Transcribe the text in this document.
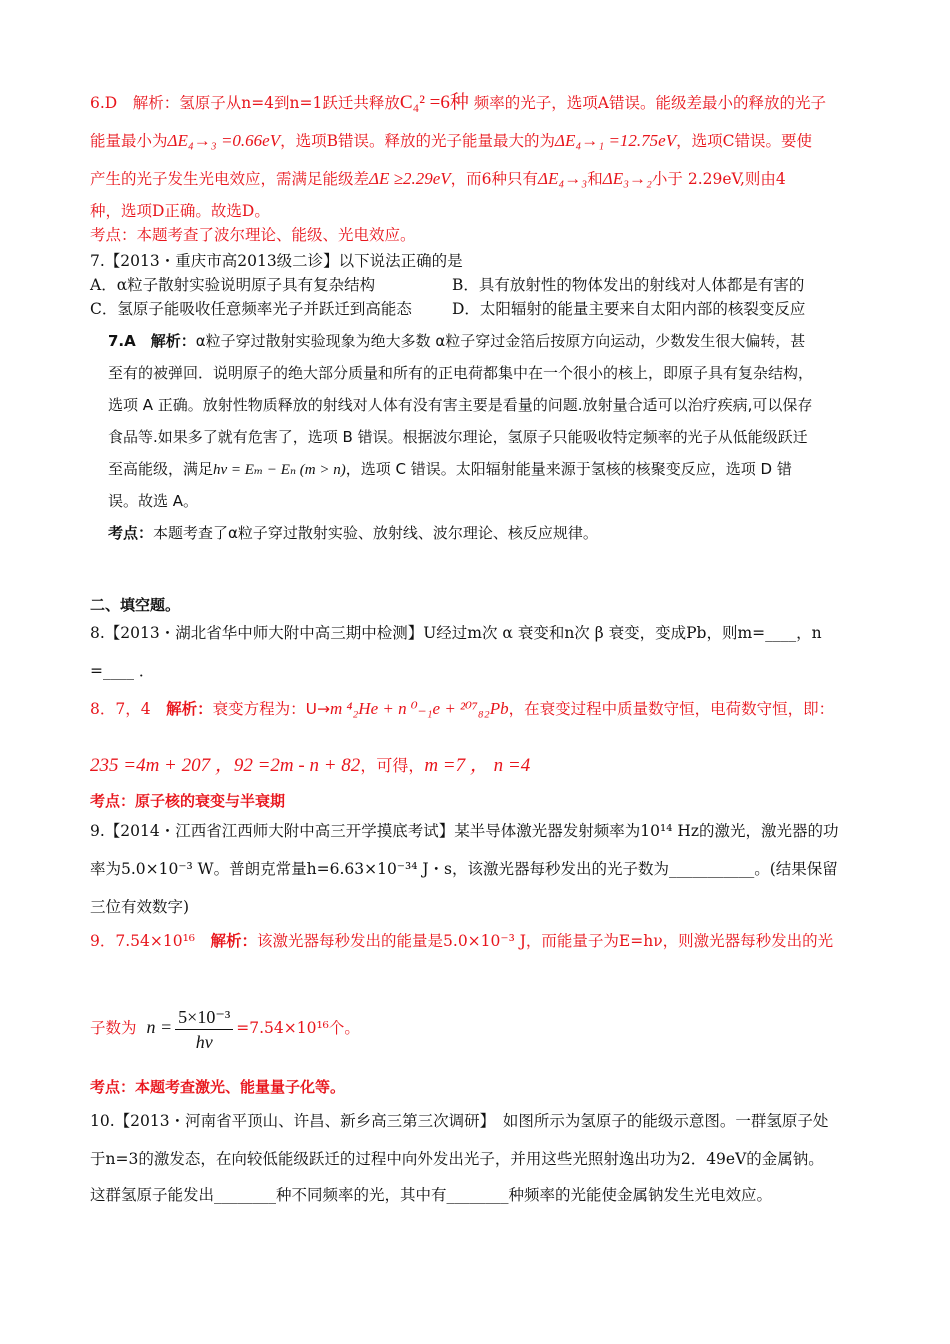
6.D　解析：氢原子从n=4到n=1跃迁共释放C₄² =6种 频率的光子，选项A错误。能级差最小的释放的光子
能量最小为ΔE₄→₃ =0.66eV，选项B错误。释放的光子能量最大的为ΔE₄→₁ =12.75eV，选项C错误。要使
产生的光子发生光电效应，需满足能级差ΔE ≥2.29eV，而6种只有ΔE₄→₃和ΔE₃→₂小于 2.29eV,则由4
种，选项D正确。故选D。
考点：本题考查了波尔理论、能级、光电效应。
7.【2013・重庆市高2013级二诊】以下说法正确的是
A．α粒子散射实验说明原子具有复杂结构	B．具有放射性的物体发出的射线对人体都是有害的
C．氢原子能吸收任意频率光子并跃迁到高能态	D．太阳辐射的能量主要来自太阳内部的核裂变反应
7.A　解析：α粒子穿过散射实验现象为绝大多数 α粒子穿过金箔后按原方向运动，少数发生很大偏转，甚
至有的被弹回．说明原子的绝大部分质量和所有的正电荷都集中在一个很小的核上，即原子具有复杂结构，
选项 A 正确。放射性物质释放的射线对人体有没有害主要是看量的问题.放射量合适可以治疗疾病,可以保存
食品等.如果多了就有危害了，选项 B 错误。根据波尔理论，氢原子只能吸收特定频率的光子从低能级跃迁
至高能级，满足hν = Eₘ − Eₙ (m > n)，选项 C 错误。太阳辐射能量来源于氢核的核聚变反应，选项 D 错
误。故选 A。
考点：本题考查了α粒子穿过散射实验、放射线、波尔理论、核反应规律。
二、填空题。
8.【2013・湖北省华中师大附中高三期中检测】U经过m次 α 衰变和n次 β 衰变，变成Pb，则m=____，n
=____ ．
8．7，4　解析：衰变方程为：U→m ⁴₂He + n ⁰₋₁e + ²⁰⁷₈₂Pb，在衰变过程中质量数守恒，电荷数守恒，即：
235 =4m + 207 ，92 =2m - n + 82，可得，m =7 ， n =4
考点：原子核的衰变与半衰期
9.【2014・江西省江西师大附中高三开学摸底考试】某半导体激光器发射频率为10¹⁴ Hz的激光，激光器的功
率为5.0×10⁻³ W。普朗克常量h=6.63×10⁻³⁴ J・s，该激光器每秒发出的光子数为___________。(结果保留
三位有效数字)
9．7.54×10¹⁶　解析：该激光器每秒发出的能量是5.0×10⁻³ J，而能量子为E=hν，则激光器每秒发出的光
子数为 $n = \frac{\text{5×10⁻³}}{h\nu} =7.54\times 10^{16}$个。
考点：本题考查激光、能量量子化等。
10.【2013・河南省平顶山、许昌、新乡高三第三次调研】　如图所示为氢原子的能级示意图。一群氢原子处
于n=3的激发态，在向较低能级跃迁的过程中向外发出光子，并用这些光照射逸出功为2．49eV的金属钠。
这群氢原子能发出________种不同频率的光，其中有________种频率的光能使金属钠发生光电效应。
